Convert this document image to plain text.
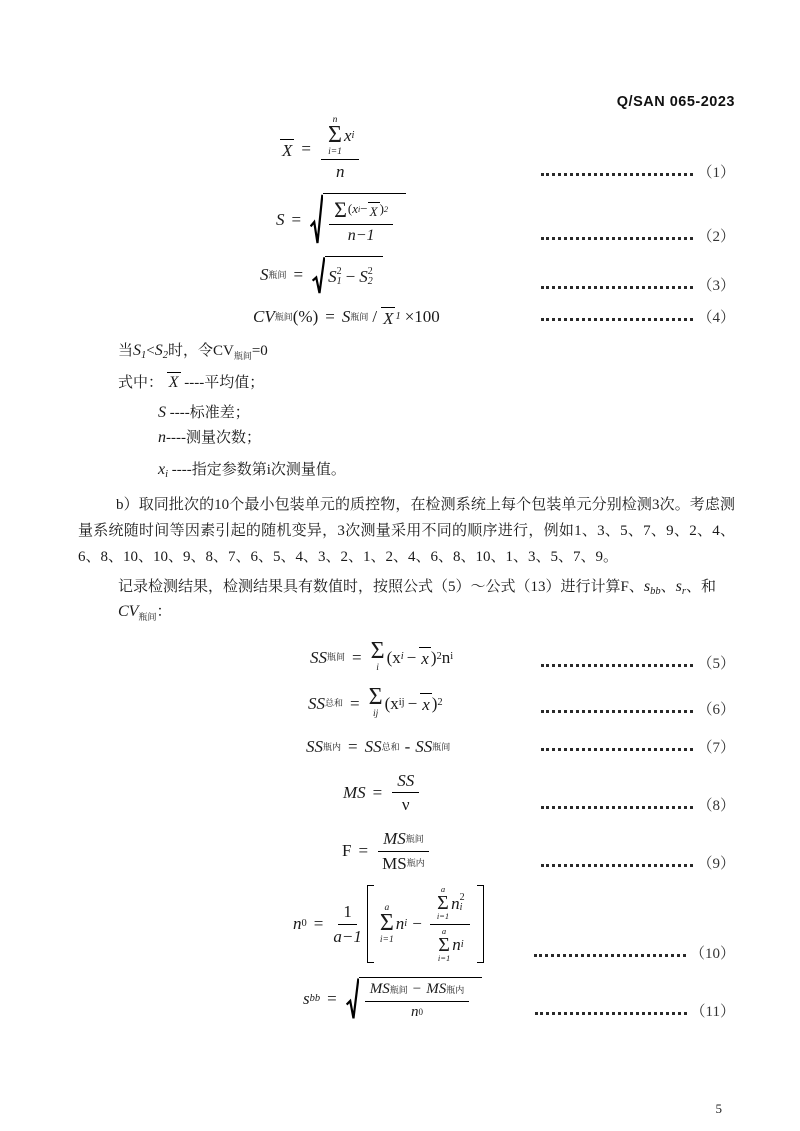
Q/SAN 065-2023
X =
n
Σ
i=1
x i
n	（1）
$S = \frac{\text{Σ ( x i − X ) 2}}{n-1}$	（2）
S 瓶间 = S 2
1 − S 2
2	（3）
CV 瓶间 (%) = S 瓶间 / X 1 ×100	（4）
当$S_1<S_2$时，令$CV_{瓶间}=0$
式中： X ----平均值；
S ----标准差；
n----测量次数；
$x_i$ ----指定参数第i次测量值。
b）取同批次的10个最小包装单元的质控物，在检测系统上每个包装单元分别检测3次。考虑测量系统随时间等因素引起的随机变异，3次测量采用不同的顺序进行，例如1、3、5、7、9、2、4、6、8、10、10、9、8、7、6、5、4、3、2、1、2、4、6、8、10、1、3、5、7、9。
记录检测结果，检测结果具有数值时，按照公式（5）～公式（13）进行计算F、$s_{bb}$、$s_r$、和$CV_{瓶间}$：
SS 瓶间 = Σ
i
(x i − x ) 2 n i	（5）
SS 总和 = Σ
ij
(x ij − x ) 2	（6）
SS 瓶内 = SS 总和 - SS 瓶间	（7）
MS = $\frac{SS}{\nu}$	（8）
$F = \frac{\text{MS 瓶间}}{\text{MS 瓶内}}$	（9）
n $0 = \frac{1}{a-1}$ a
Σ
i=1
n i −
a
Σ
i=1
n 2
i
a
Σ
i=1
n i
（10）
s bb = $\frac{\text{MS 瓶间 − MS 瓶内}}{n 0}$	（11）
5
